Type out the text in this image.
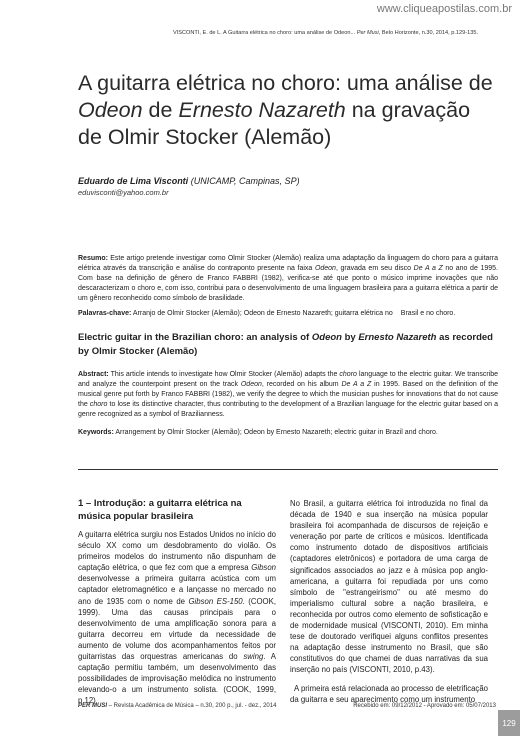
www.cliqueapostilas.com.br
VISCONTI, E. de L. A Guitarra elétrica no choro: uma análise de Odeon... Per Musi, Belo Horizonte, n.30, 2014, p.129-135.
A guitarra elétrica no choro: uma análise de Odeon de Ernesto Nazareth na gravação de Olmir Stocker (Alemão)
Eduardo de Lima Visconti (UNICAMP, Campinas, SP)
eduvisconti@yahoo.com.br
Resumo: Este artigo pretende investigar como Olmir Stocker (Alemão) realiza uma adaptação da linguagem do choro para a guitarra elétrica através da transcrição e análise do contraponto presente na faixa Odeon, gravada em seu disco De A a Z no ano de 1995. Com base na definição de gênero de Franco FABBRI (1982), verifica-se até que ponto o músico imprime inovações que não descaracterizam o choro e, com isso, contribui para o desenvolvimento de uma linguagem brasileira para a guitarra elétrica a partir de um gênero reconhecido como símbolo de brasilidade.
Palavras-chave: Arranjo de Olmir Stocker (Alemão); Odeon de Ernesto Nazareth; guitarra elétrica no Brasil e no choro.
Electric guitar in the Brazilian choro: an analysis of Odeon by Ernesto Nazareth as recorded by Olmir Stocker (Alemão)
Abstract: This article intends to investigate how Olmir Stocker (Alemão) adapts the choro language to the electric guitar. We transcribe and analyze the counterpoint present on the track Odeon, recorded on his album De A a Z in 1995. Based on the definition of the musical genre put forth by Franco FABBRI (1982), we verify the degree to which the musician pushes for innovations that do not cause the choro to lose its distinctive character, thus contributing to the development of a Brazilian language for the electric guitar based on a genre recognized as a symbol of Brazilianness.
Keywords: Arrangement by Olmir Stocker (Alemão); Odeon by Ernesto Nazareth; electric guitar in Brazil and choro.

1 – Introdução: a guitarra elétrica na música popular brasileira

A guitarra elétrica surgiu nos Estados Unidos no início do século XX como um desdobramento do violão. Os primeiros modelos do instrumento não dispunham de captação elétrica, o que fez com que a empresa Gibson desenvolvesse a primeira guitarra acústica com um captador eletromagnético e a lançasse no mercado no ano de 1935 com o nome de Gibson ES-150. (COOK, 1999). Uma das causas principais para o desenvolvimento de uma amplificação sonora para a guitarra decorreu em virtude da necessidade de aumento de volume dos acompanhamentos feitos por guitarristas das orquestras americanas do swing. A captação permitiu também, um desenvolvimento das possibilidades de improvisação melódica no instrumento elevando-o a um instrumento solista. (COOK, 1999, p.12)

No Brasil, a guitarra elétrica foi introduzida no final da década de 1940 e sua inserção na música popular brasileira foi acompanhada de discursos de rejeição e veneração por parte de críticos e músicos. Identificada como instrumento dotado de dispositivos artificiais (captadores eletrônicos) e portadora de uma carga de significados associados ao jazz e à música pop anglo-americana, a guitarra foi repudiada por uns como símbolo de "estrangeirismo" ou até mesmo do imperialismo cultural sobre a nação brasileira, e reconhecida por outros como elemento de sofisticação e de modernidade musical (VISCONTI, 2010). Em minha tese de doutorado verifiquei alguns conflitos presentes na adaptação desse instrumento no Brasil, que são constitutivos do que chamei de duas narrativas da sua inserção no país (VISCONTI, 2010, p.43).

A primeira está relacionada ao processo de eletrificação da guitarra e seu aparecimento como um instrumento

PER MUSI – Revista Acadêmica de Música – n.30, 200 p., jul. - dez., 2014	Recebido em: 09/12/2012 - Aprovado em: 05/07/2013
129
